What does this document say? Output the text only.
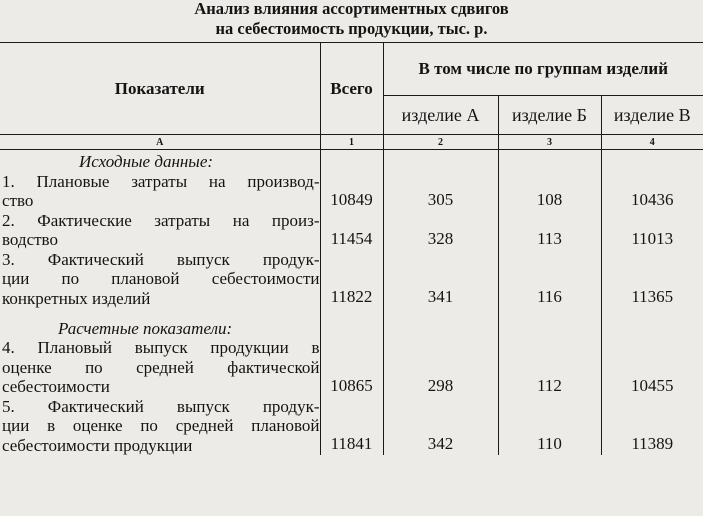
Анализ влияния ассортиментных сдвигов
на себестоимость продукции, тыс. р.
Показатели	Всего	В том числе по группам изделий		
		изделие А	изделие Б	изделие В
А	1	2	3	4
Исходные данные:				

1. Плановые затраты на производ-
ство	10849	305	108	10436

2. Фактические затраты на произ-
водство	11454	328	113	11013

3. Фактический выпуск продук-
ции по плановой себестоимости
конкретных изделий	11822	341	116	11365
Расчетные показатели:				

4. Плановый выпуск продукции в
оценке по средней фактической
себестоимости	10865	298	112	10455

5. Фактический выпуск продук-
ции в оценке по средней плановой
себестоимости продукции	11841	342	110	11389
